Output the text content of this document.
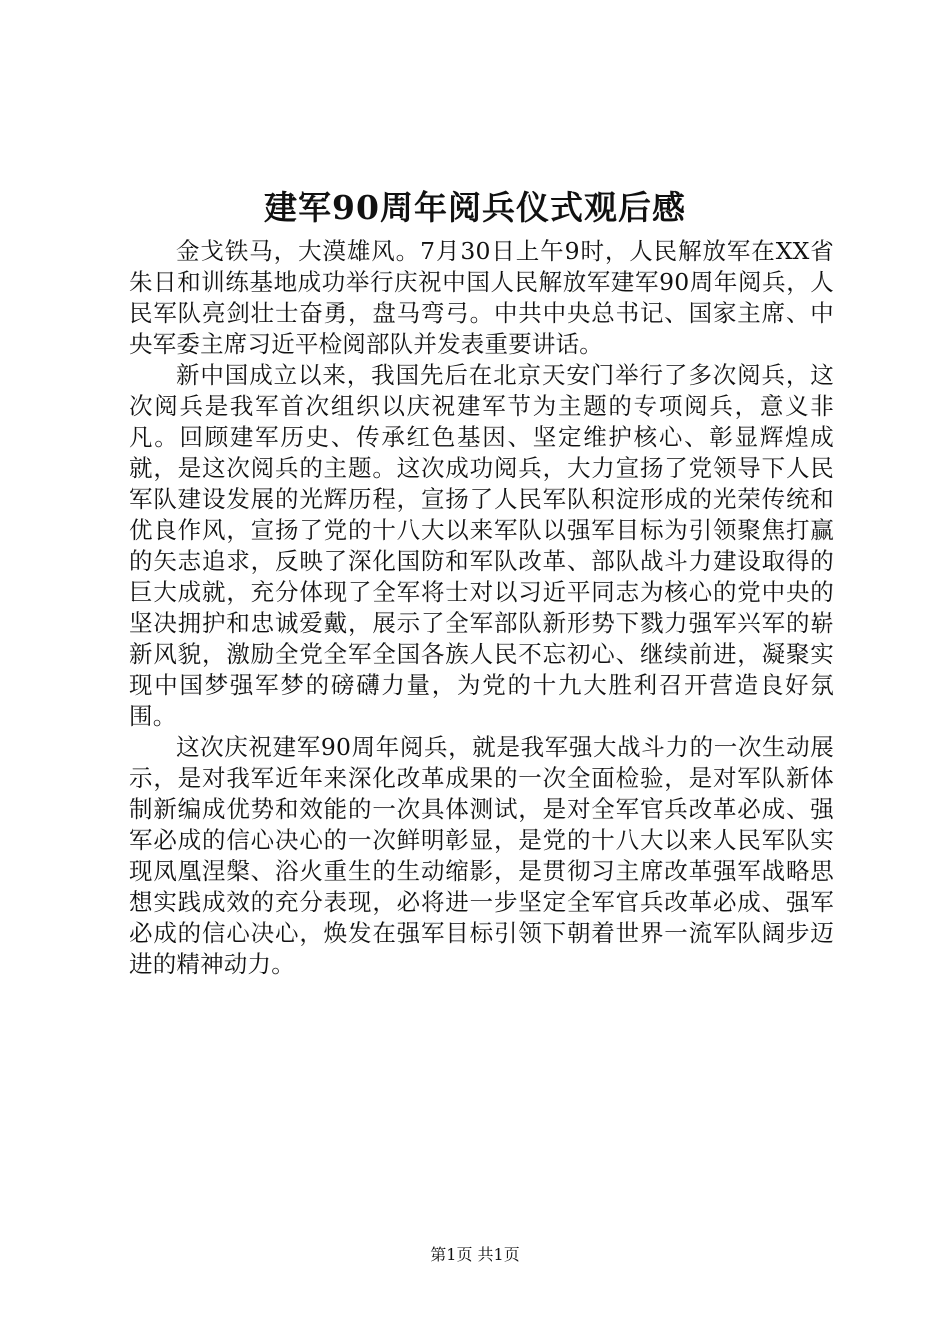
建军90周年阅兵仪式观后感

金戈铁马，大漠雄风。7月30日上午9时，人民解放军在XX省朱日和训练基地成功举行庆祝中国人民解放军建军90周年阅兵，人民军队亮剑壮士奋勇，盘马弯弓。中共中央总书记、国家主席、中央军委主席习近平检阅部队并发表重要讲话。

新中国成立以来，我国先后在北京天安门举行了多次阅兵，这次阅兵是我军首次组织以庆祝建军节为主题的专项阅兵，意义非凡。回顾建军历史、传承红色基因、坚定维护核心、彰显辉煌成就，是这次阅兵的主题。这次成功阅兵，大力宣扬了党领导下人民军队建设发展的光辉历程，宣扬了人民军队积淀形成的光荣传统和优良作风，宣扬了党的十八大以来军队以强军目标为引领聚焦打赢的矢志追求，反映了深化国防和军队改革、部队战斗力建设取得的巨大成就，充分体现了全军将士对以习近平同志为核心的党中央的坚决拥护和忠诚爱戴，展示了全军部队新形势下戮力强军兴军的崭新风貌，激励全党全军全国各族人民不忘初心、继续前进，凝聚实现中国梦强军梦的磅礴力量，为党的十九大胜利召开营造良好氛围。

这次庆祝建军90周年阅兵，就是我军强大战斗力的一次生动展示，是对我军近年来深化改革成果的一次全面检验，是对军队新体制新编成优势和效能的一次具体测试，是对全军官兵改革必成、强军必成的信心决心的一次鲜明彰显，是党的十八大以来人民军队实现凤凰涅槃、浴火重生的生动缩影，是贯彻习主席改革强军战略思想实践成效的充分表现，必将进一步坚定全军官兵改革必成、强军必成的信心决心，焕发在强军目标引领下朝着世界一流军队阔步迈进的精神动力。

第1页 共1页
